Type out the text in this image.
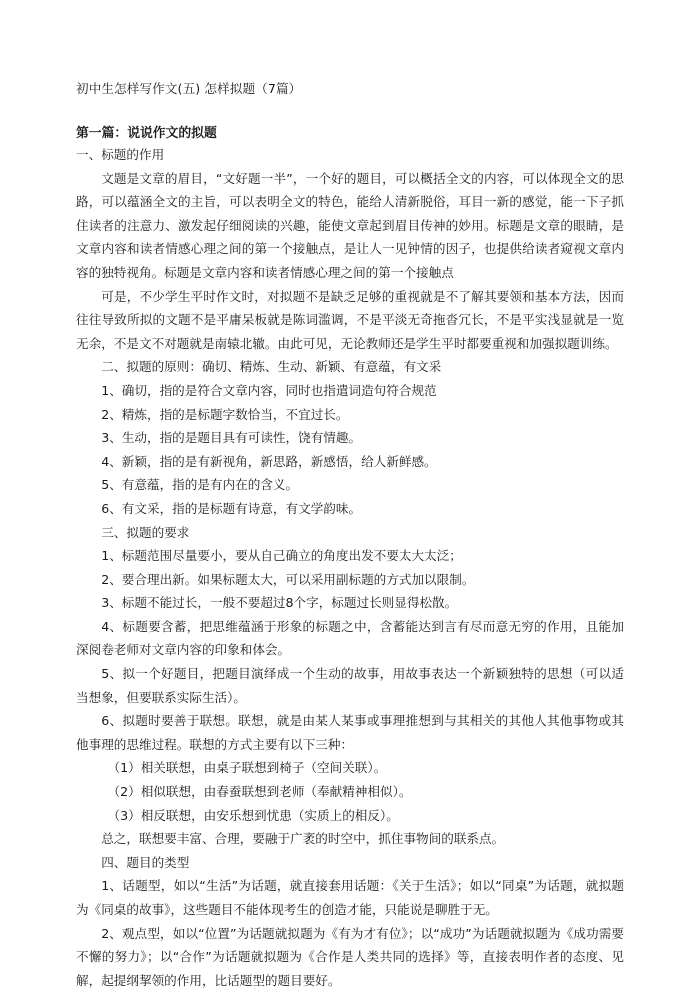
初中生怎样写作文(五) 怎样拟题（7篇）
第一篇：说说作文的拟题

一、标题的作用

文题是文章的眉目，“文好题一半”，一个好的题目，可以概括全文的内容，可以体现全文的思路，可以蕴涵全文的主旨，可以表明全文的特色，能给人清新脱俗，耳目一新的感觉，能一下子抓住读者的注意力、激发起仔细阅读的兴趣，能使文章起到眉目传神的妙用。标题是文章的眼睛，是文章内容和读者情感心理之间的第一个接触点，是让人一见钟情的因子，也提供给读者窥视文章内容的独特视角。标题是文章内容和读者情感心理之间的第一个接触点

可是，不少学生平时作文时，对拟题不是缺乏足够的重视就是不了解其要领和基本方法，因而往往导致所拟的文题不是平庸呆板就是陈词滥调，不是平淡无奇拖沓冗长，不是平实浅显就是一览无余，不是文不对题就是南辕北辙。由此可见，无论教师还是学生平时都要重视和加强拟题训练。

二、拟题的原则：确切、精炼、生动、新颖、有意蕴，有文采

1、确切，指的是符合文章内容，同时也指遣词造句符合规范

2、精炼，指的是标题字数恰当，不宜过长。

3、生动，指的是题目具有可读性，饶有情趣。

4、新颖，指的是有新视角，新思路，新感悟，给人新鲜感。

5、有意蕴，指的是有内在的含义。

6、有文采，指的是标题有诗意，有文学韵味。

三、拟题的要求

1、标题范围尽量要小，要从自己确立的角度出发不要太大太泛；

2、要合理出新。如果标题太大，可以采用副标题的方式加以限制。

3、标题不能过长，一般不要超过8个字，标题过长则显得松散。

4、标题要含蓄，把思维蕴涵于形象的标题之中，含蓄能达到言有尽而意无穷的作用，且能加深阅卷老师对文章内容的印象和体会。

5、拟一个好题目，把题目演绎成一个生动的故事，用故事表达一个新颖独特的思想（可以适当想象，但要联系实际生活）。

6、拟题时要善于联想。联想，就是由某人某事或事理推想到与其相关的其他人其他事物或其他事理的思维过程。联想的方式主要有以下三种：

（1）相关联想，由桌子联想到椅子（空间关联）。

（2）相似联想，由春蚕联想到老师（奉献精神相似）。

（3）相反联想，由安乐想到忧患（实质上的相反）。

总之，联想要丰富、合理，要融于广袤的时空中，抓住事物间的联系点。

四、题目的类型

1、话题型，如以“生活”为话题，就直接套用话题：《关于生活》；如以“同桌”为话题，就拟题为《同桌的故事》，这些题目不能体现考生的创造才能，只能说是聊胜于无。

2、观点型，如以“位置”为话题就拟题为《有为才有位》；以“成功”为话题就拟题为《成功需要不懈的努力》；以“合作”为话题就拟题为《合作是人类共同的选择》等，直接表明作者的态度、见解，起提纲挈领的作用，比话题型的题目要好。
